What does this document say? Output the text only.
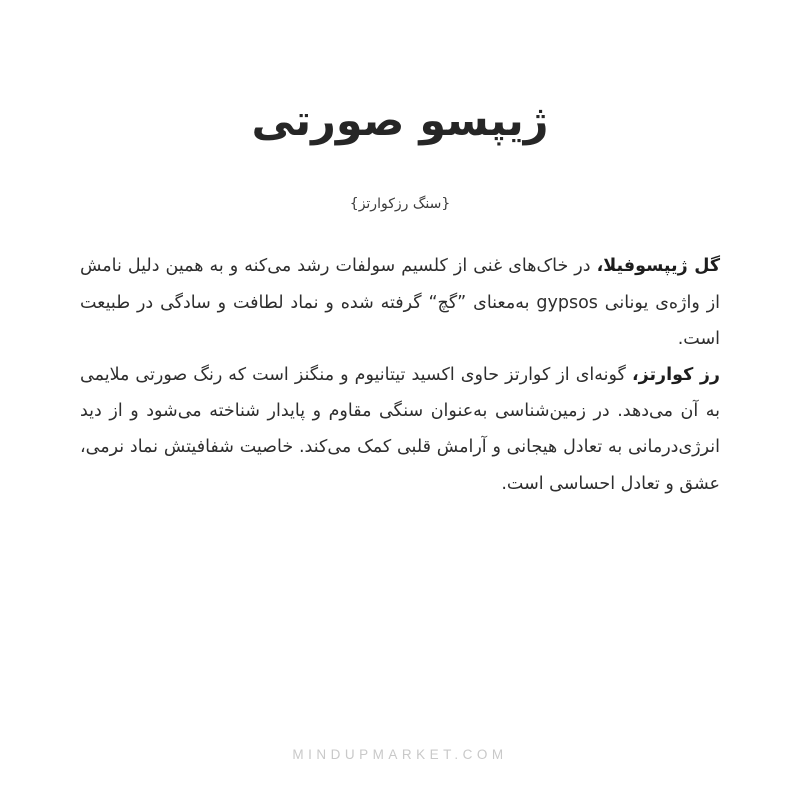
ژیپسو صورتی
{سنگ رزکوارتز}

گل ژیپسوفیلا، در خاک‌های غنی از کلسیم سولفات رشد می‌کنه و به همین دلیل نامش از واژه‌ی یونانی gypsos به‌معنای ”گچ“ گرفته شده و نماد لطافت و سادگی در طبیعت است.

رز کوارتز، گونه‌ای از کوارتز حاوی اکسید تیتانیوم و منگنز است که رنگ صورتی ملایمی به آن می‌دهد. در زمین‌شناسی به‌عنوان سنگی مقاوم و پایدار شناخته می‌شود و از دید انرژی‌درمانی به تعادل هیجانی و آرامش قلبی کمک می‌کند. خاصیت شفافیتش نماد نرمی، عشق و تعادل احساسی است.

MINDUPMARKET.COM
